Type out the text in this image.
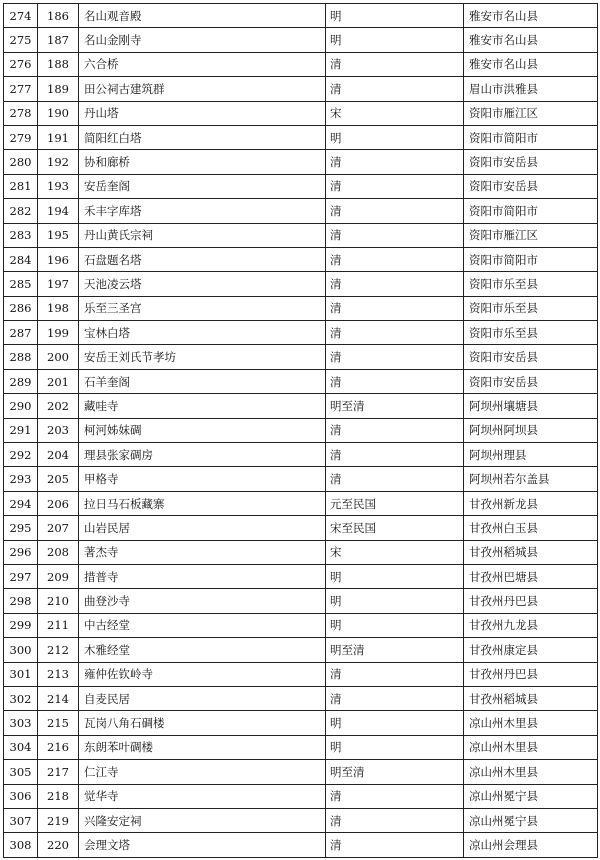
274	186	名山观音殿	明	雅安市名山县
275	187	名山金刚寺	明	雅安市名山县
276	188	六合桥	清	雅安市名山县
277	189	田公祠古建筑群	清	眉山市洪雅县
278	190	丹山塔	宋	资阳市雁江区
279	191	简阳红白塔	明	资阳市简阳市
280	192	协和廊桥	清	资阳市安岳县
281	193	安岳奎阁	清	资阳市安岳县
282	194	禾丰字库塔	清	资阳市简阳市
283	195	丹山黄氏宗祠	清	资阳市雁江区
284	196	石盘题名塔	清	资阳市简阳市
285	197	天池凌云塔	清	资阳市乐至县
286	198	乐至三圣宫	清	资阳市乐至县
287	199	宝林白塔	清	资阳市乐至县
288	200	安岳王刘氏节孝坊	清	资阳市安岳县
289	201	石羊奎阁	清	资阳市安岳县
290	202	藏哇寺	明至清	阿坝州壤塘县
291	203	柯河姊妹碉	清	阿坝州阿坝县
292	204	理县张家碉房	清	阿坝州理县
293	205	甲格寺	清	阿坝州若尔盖县
294	206	拉日马石板藏寨	元至民国	甘孜州新龙县
295	207	山岩民居	宋至民国	甘孜州白玉县
296	208	著杰寺	宋	甘孜州稻城县
297	209	措普寺	明	甘孜州巴塘县
298	210	曲登沙寺	明	甘孜州丹巴县
299	211	中古经堂	明	甘孜州九龙县
300	212	木雅经堂	明至清	甘孜州康定县
301	213	雍仲佐钦岭寺	清	甘孜州丹巴县
302	214	自麦民居	清	甘孜州稻城县
303	215	瓦岗八角石碉楼	明	凉山州木里县
304	216	东朗苯叶碉楼	明	凉山州木里县
305	217	仁江寺	明至清	凉山州木里县
306	218	觉华寺	清	凉山州冕宁县
307	219	兴隆安定祠	清	凉山州冕宁县
308	220	会理文塔	清	凉山州会理县
